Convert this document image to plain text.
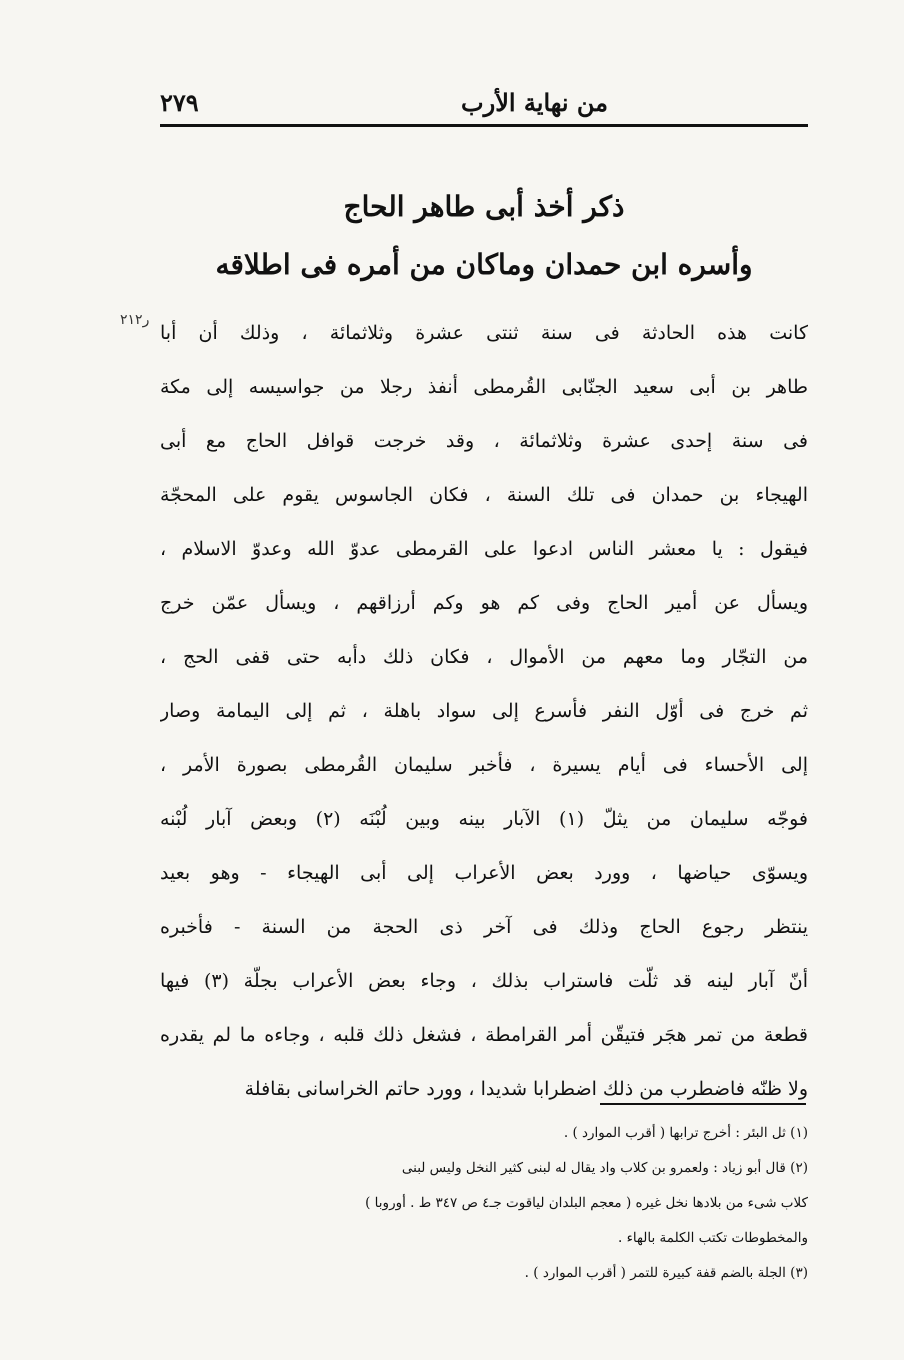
من نهاية الأرب
٢٧٩
ذكر أخذ أبى طاهر الحاج
وأسره ابن حمدان وماكان من أمره فى اطلاقه
ر٢١٢
كانت هذه الحادثة فى سنة ثنتى عشرة وثلاثمائة ، وذلك أن أبا
طاهر بن أبى سعيد الجنّابى القُرمطى أنفذ رجلا من جواسيسه إلى مكة
فى سنة إحدى عشرة وثلاثمائة ، وقد خرجت قوافل الحاج مع أبى
الهيجاء بن حمدان فى تلك السنة ، فكان الجاسوس يقوم على المحجّة
فيقول : يا معشر الناس ادعوا على القرمطى عدوّ الله وعدوّ الاسلام ،
ويسأل عن أمير الحاج وفى كم هو وكم أرزاقهم ، ويسأل عمّن خرج
من التجّار وما معهم من الأموال ، فكان ذلك دأبه حتى قفى الحج ،
ثم خرج فى أوّل النفر فأسرع إلى سواد باهلة ، ثم إلى اليمامة وصار
إلى الأحساء فى أيام يسيرة ، فأخبر سليمان القُرمطى بصورة الأمر ،
فوجّه سليمان من يثلّ (١) الآبار بينه وبين لُبْنَه (٢) وبعض آبار لُبْنه
ويسوّى حياضها ، وورد بعض الأعراب إلى أبى الهيجاء - وهو بعيد
ينتظر رجوع الحاج وذلك فى آخر ذى الحجة من السنة - فأخبره
أنّ آبار لينه قد ثلّت فاستراب بذلك ، وجاء بعض الأعراب بجلّة (٣) فيها
قطعة من تمر هجَر فتيقّن أمر القرامطة ، فشغل ذلك قلبه ، وجاءه ما لم يقدره
ولا ظنّه فاضطرب من ذلك اضطرابا شديدا ، وورد حاتم الخراسانى بقافلة
(١) ثل البئر : أخرج ترابها ( أقرب الموارد ) .
(٢) قال أبو زياد : ولعمرو بن كلاب واد يقال له لبنى كثير النخل وليس لبنى
كلاب شىء من بلادها نخل غيره ( معجم البلدان لياقوت جـ٤ ص ٣٤٧ ط . أوروبا )
والمخطوطات تكتب الكلمة بالهاء .
(٣) الجلة بالضم قفة كبيرة للتمر ( أقرب الموارد ) .
